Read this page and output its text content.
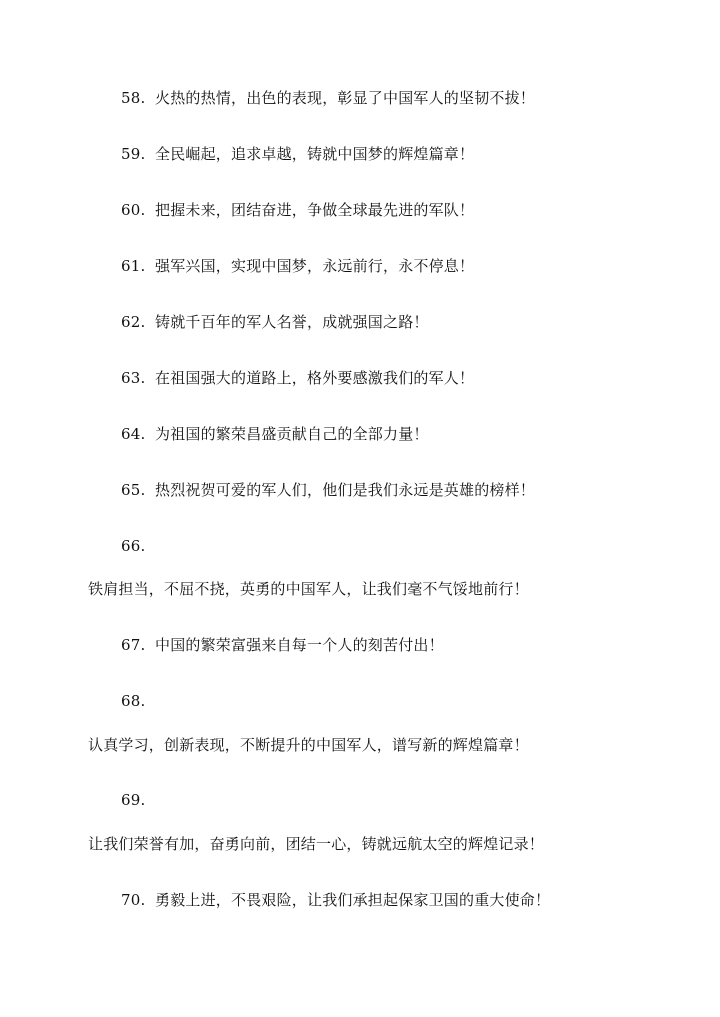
58. 火热的热情，出色的表现，彰显了中国军人的坚韧不拔！
59. 全民崛起，追求卓越，铸就中国梦的辉煌篇章！
60. 把握未来，团结奋进，争做全球最先进的军队！
61. 强军兴国，实现中国梦，永远前行，永不停息！
62. 铸就千百年的军人名誉，成就强国之路！
63. 在祖国强大的道路上，格外要感激我们的军人！
64. 为祖国的繁荣昌盛贡献自己的全部力量！
65. 热烈祝贺可爱的军人们，他们是我们永远是英雄的榜样！
66.
铁肩担当，不屈不挠，英勇的中国军人，让我们毫不气馁地前行！
67. 中国的繁荣富强来自每一个人的刻苦付出！
68.
认真学习，创新表现，不断提升的中国军人，谱写新的辉煌篇章！
69.
让我们荣誉有加，奋勇向前，团结一心，铸就远航太空的辉煌记录！
70. 勇毅上进，不畏艰险，让我们承担起保家卫国的重大使命！
